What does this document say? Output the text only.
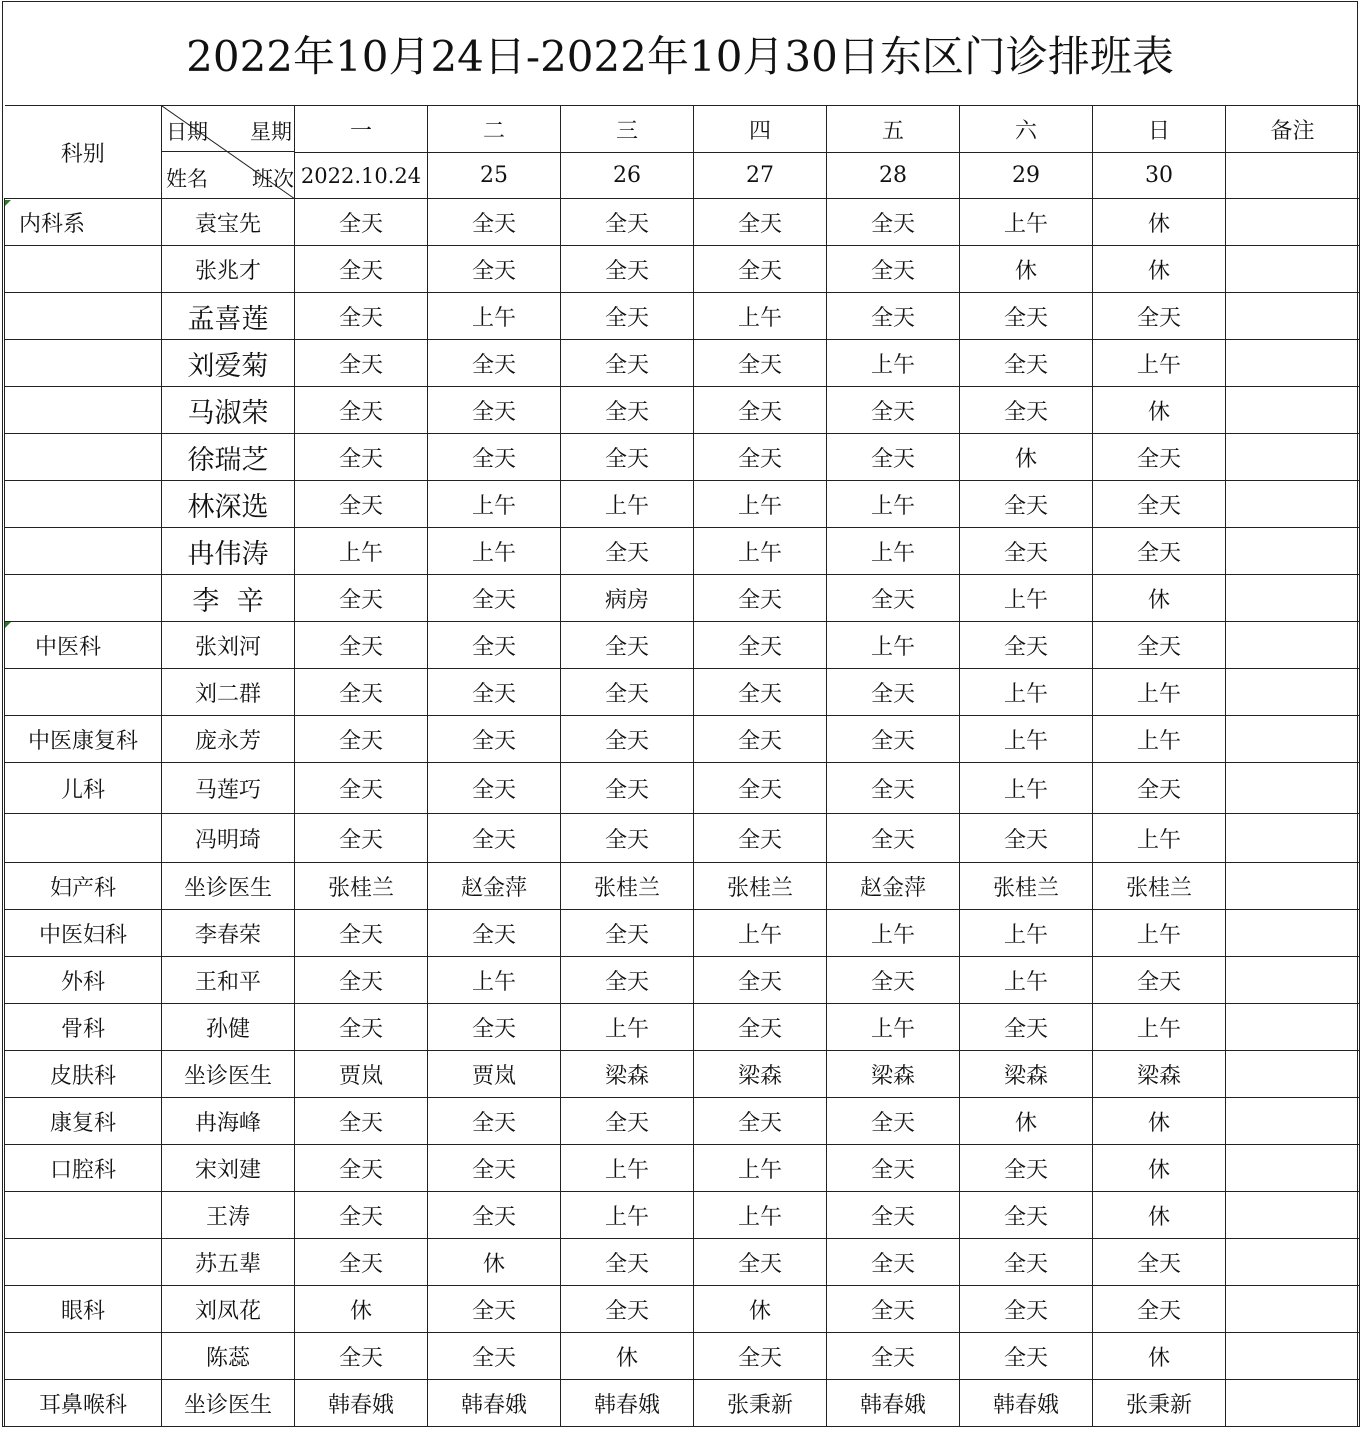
2022年10月24日-2022年10月30日东区门诊排班表
科别	日期 星期
姓名 班次	一	二	三	四	五	六	日	备注
		2022.10.24	25	26	27	28	29	30	
内科系	袁宝先	全天	全天	全天	全天	全天	上午	休	
	张兆才	全天	全天	全天	全天	全天	休	休	
	孟喜莲	全天	上午	全天	上午	全天	全天	全天	
	刘爱菊	全天	全天	全天	全天	上午	全天	上午	
	马淑荣	全天	全天	全天	全天	全天	全天	休	
	徐瑞芝	全天	全天	全天	全天	全天	休	全天	
	林深选	全天	上午	上午	上午	上午	全天	全天	
	冉伟涛	上午	上午	全天	上午	上午	全天	全天	
	李  辛	全天	全天	病房	全天	全天	上午	休	
中医科	张刘河	全天	全天	全天	全天	上午	全天	全天	
	刘二群	全天	全天	全天	全天	全天	上午	上午	
中医康复科	庞永芳	全天	全天	全天	全天	全天	上午	上午	
儿科	马莲巧	全天	全天	全天	全天	全天	上午	全天	
	冯明琦	全天	全天	全天	全天	全天	全天	上午	
妇产科	坐诊医生	张桂兰	赵金萍	张桂兰	张桂兰	赵金萍	张桂兰	张桂兰	
中医妇科	李春荣	全天	全天	全天	上午	上午	上午	上午	
外科	王和平	全天	上午	全天	全天	全天	上午	全天	
骨科	孙健	全天	全天	上午	全天	上午	全天	上午	
皮肤科	坐诊医生	贾岚	贾岚	梁森	梁森	梁森	梁森	梁森	
康复科	冉海峰	全天	全天	全天	全天	全天	休	休	
口腔科	宋刘建	全天	全天	上午	上午	全天	全天	休	
	王涛	全天	全天	上午	上午	全天	全天	休	
	苏五辈	全天	休	全天	全天	全天	全天	全天	
眼科	刘凤花	休	全天	全天	休	全天	全天	全天	
	陈蕊	全天	全天	休	全天	全天	全天	休	
耳鼻喉科	坐诊医生	韩春娥	韩春娥	韩春娥	张秉新	韩春娥	韩春娥	张秉新	
